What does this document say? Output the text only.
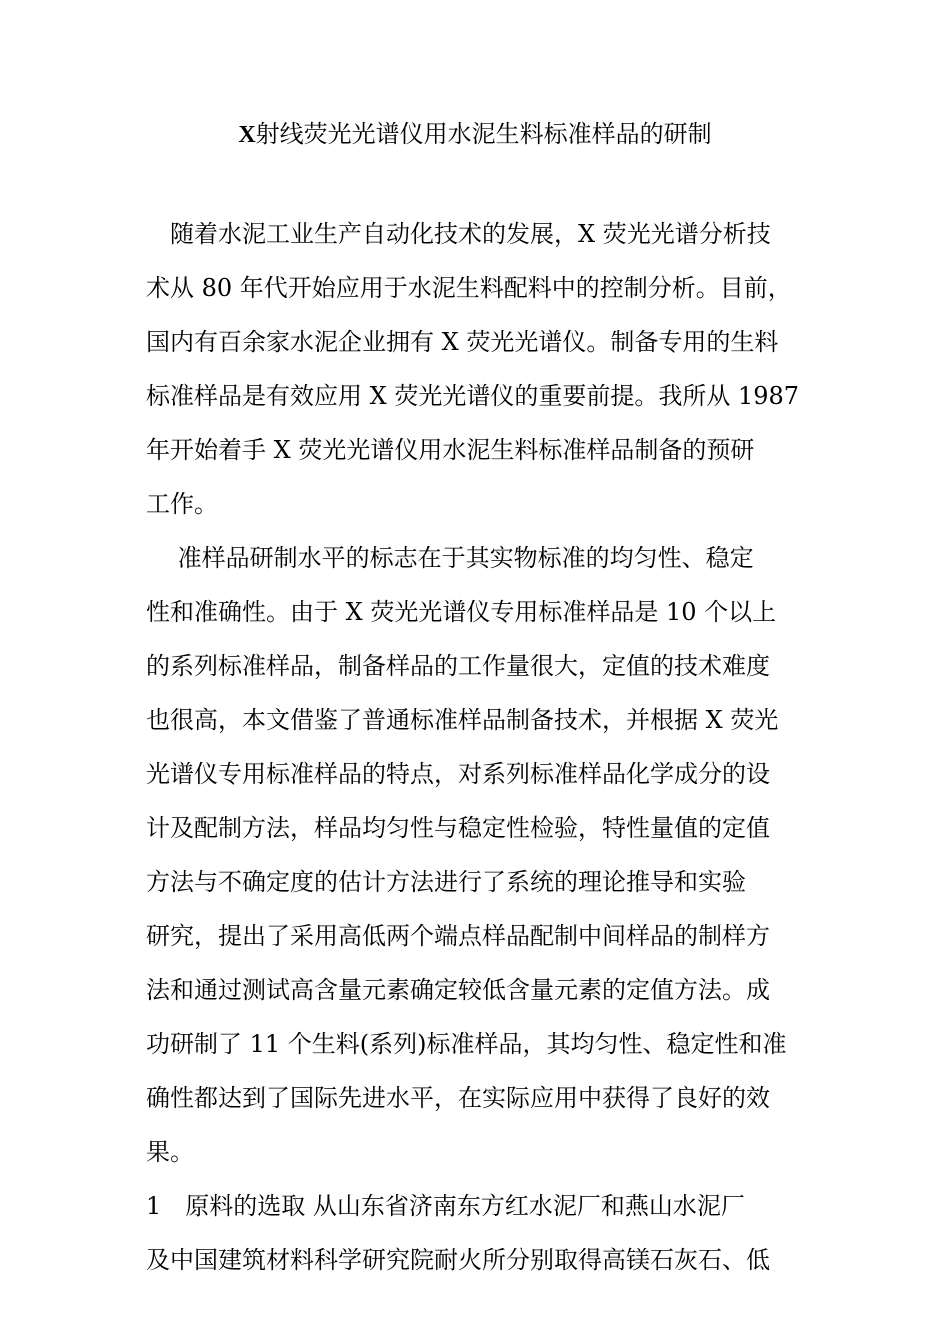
X射线荧光光谱仪用水泥生料标准样品的研制
　随着水泥工业生产自动化技术的发展，X 荧光光谱分析技
术从 80 年代开始应用于水泥生料配料中的控制分析。目前，
国内有百余家水泥企业拥有 X 荧光光谱仪。制备专用的生料
标准样品是有效应用 X 荧光光谱仪的重要前提。我所从 1987
年开始着手 X 荧光光谱仪用水泥生料标准样品制备的预研
工作。
　 准样品研制水平的标志在于其实物标准的均匀性、稳定
性和准确性。由于 X 荧光光谱仪专用标准样品是 10 个以上
的系列标准样品，制备样品的工作量很大，定值的技术难度
也很高，本文借鉴了普通标准样品制备技术，并根据 X 荧光
光谱仪专用标准样品的特点，对系列标准样品化学成分的设
计及配制方法，样品均匀性与稳定性检验，特性量值的定值
方法与不确定度的估计方法进行了系统的理论推导和实验
研究，提出了采用高低两个端点样品配制中间样品的制样方
法和通过测试高含量元素确定较低含量元素的定值方法。成
功研制了 11 个生料(系列)标准样品，其均匀性、稳定性和准
确性都达到了国际先进水平，在实际应用中获得了良好的效
果。
1　原料的选取 从山东省济南东方红水泥厂和燕山水泥厂
及中国建筑材料科学研究院耐火所分别取得高镁石灰石、低
